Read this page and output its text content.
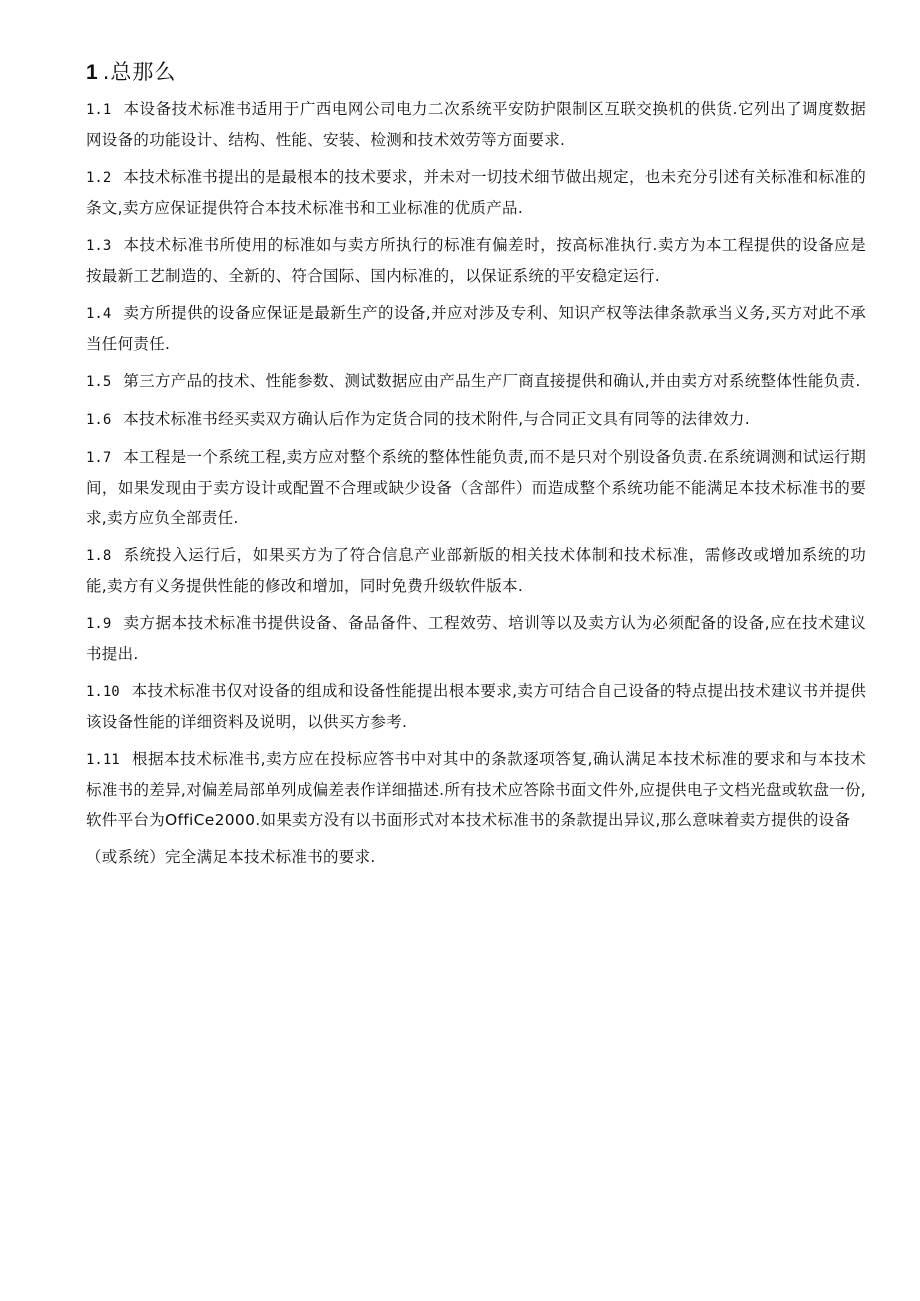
1 .总那么

1.1 本设备技术标准书适用于广西电网公司电力二次系统平安防护限制区互联交换机的供货.它列出了调度数据网设备的功能设计、结构、性能、安装、检测和技术效劳等方面要求.

1.2 本技术标准书提出的是最根本的技术要求，并未对一切技术细节做出规定，也未充分引述有关标准和标准的条文,卖方应保证提供符合本技术标准书和工业标准的优质产品.

1.3 本技术标准书所使用的标准如与卖方所执行的标准有偏差时，按高标准执行.卖方为本工程提供的设备应是按最新工艺制造的、全新的、符合国际、国内标准的，以保证系统的平安稳定运行.

1.4 卖方所提供的设备应保证是最新生产的设备,并应对涉及专利、知识产权等法律条款承当义务,买方对此不承当任何责任.

1.5 第三方产品的技术、性能参数、测试数据应由产品生产厂商直接提供和确认,并由卖方对系统整体性能负责.

1.6 本技术标准书经买卖双方确认后作为定货合同的技术附件,与合同正文具有同等的法律效力.

1.7 本工程是一个系统工程,卖方应对整个系统的整体性能负责,而不是只对个别设备负责.在系统调测和试运行期间，如果发现由于卖方设计或配置不合理或缺少设备（含部件）而造成整个系统功能不能满足本技术标准书的要求,卖方应负全部责任.

1.8 系统投入运行后，如果买方为了符合信息产业部新版的相关技术体制和技术标准，需修改或增加系统的功能,卖方有义务提供性能的修改和增加，同时免费升级软件版本.

1.9 卖方据本技术标准书提供设备、备品备件、工程效劳、培训等以及卖方认为必须配备的设备,应在技术建议书提出.

1.10 本技术标准书仅对设备的组成和设备性能提出根本要求,卖方可结合自己设备的特点提出技术建议书并提供该设备性能的详细资料及说明，以供买方参考.

1.11 根据本技术标准书,卖方应在投标应答书中对其中的条款逐项答复,确认满足本技术标准的要求和与本技术标准书的差异,对偏差局部单列成偏差表作详细描述.所有技术应答除书面文件外,应提供电子文档光盘或软盘一份,软件平台为OffiCe2000.如果卖方没有以书面形式对本技术标准书的条款提出异议,那么意味着卖方提供的设备

（或系统）完全满足本技术标准书的要求.
